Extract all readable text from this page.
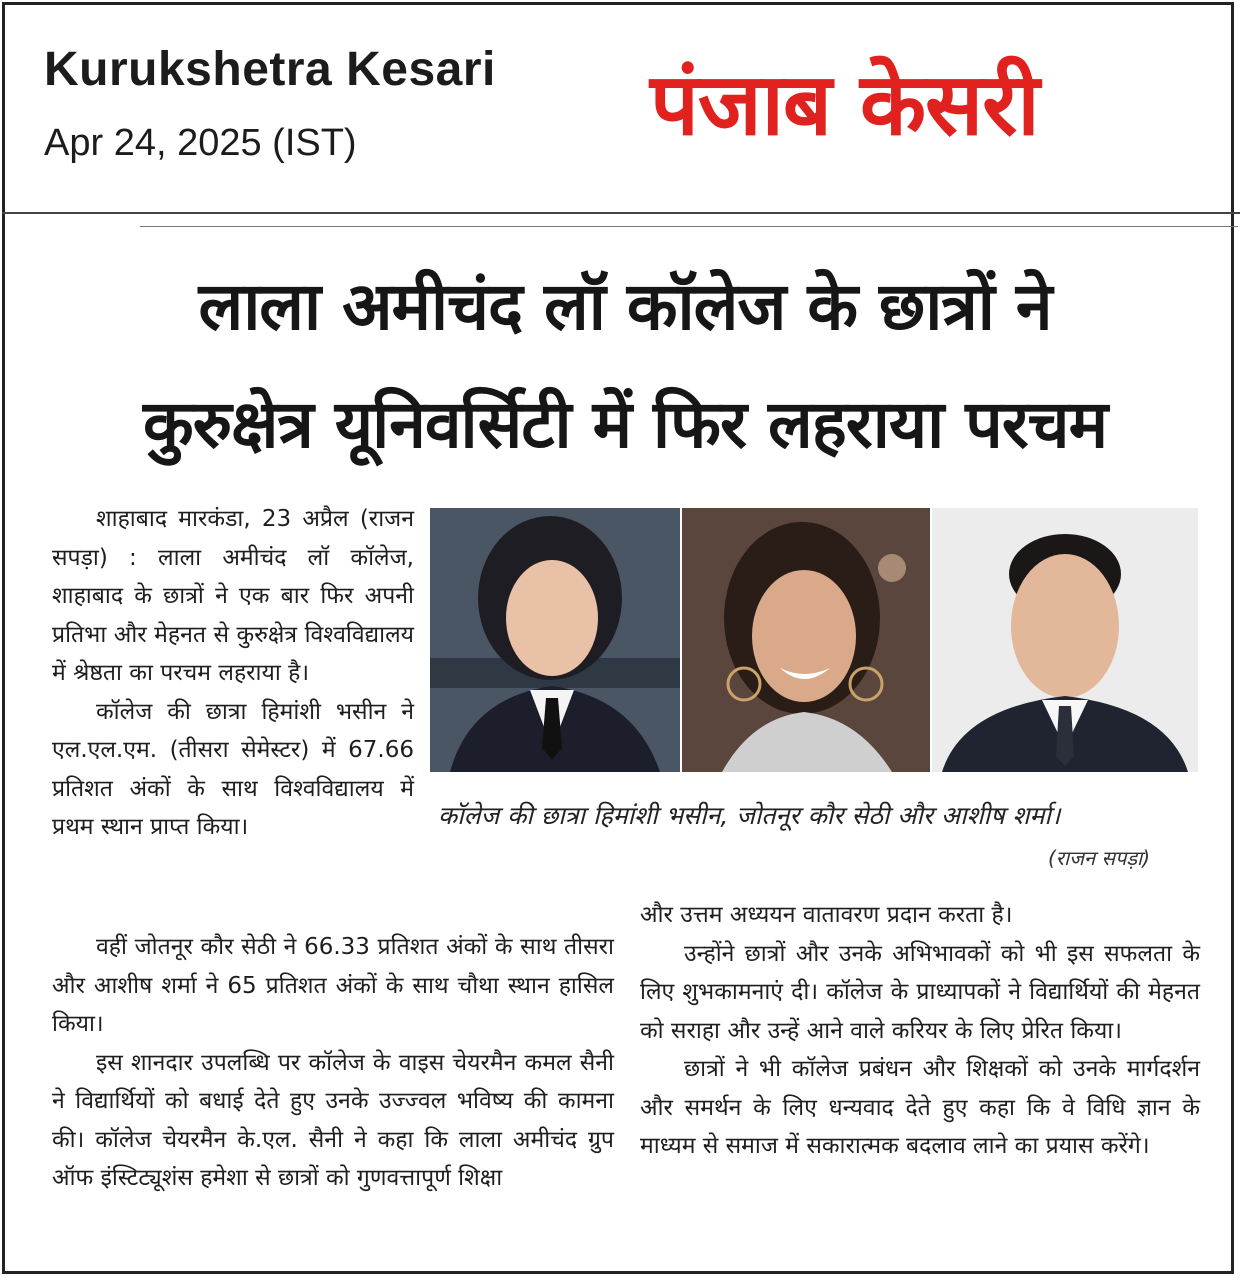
Kurukshetra Kesari
Apr 24, 2025 (IST)	पंजाब केसरी
लाला अमीचंद लॉ कॉलेज के छात्रों ने
कुरुक्षेत्र यूनिवर्सिटी में फिर लहराया परचम
कॉलेज की छात्रा हिमांशी भसीन, जोतनूर कौर सेठी और आशीष शर्मा।
(राजन सपड़ा)

शाहाबाद मारकंडा, 23 अप्रैल (राजन सपड़ा) : लाला अमीचंद लॉ कॉलेज, शाहाबाद के छात्रों ने एक बार फिर अपनी प्रतिभा और मेहनत से कुरुक्षेत्र विश्वविद्यालय में श्रेष्ठता का परचम लहराया है।

कॉलेज की छात्रा हिमांशी भसीन ने एल.एल.एम. (तीसरा सेमेस्टर) में 67.66 प्रतिशत अंकों के साथ विश्वविद्यालय में प्रथम स्थान प्राप्त किया।

वहीं जोतनूर कौर सेठी ने 66.33 प्रतिशत अंकों के साथ तीसरा और आशीष शर्मा ने 65 प्रतिशत अंकों के साथ चौथा स्थान हासिल किया।

इस शानदार उपलब्धि पर कॉलेज के वाइस चेयरमैन कमल सैनी ने विद्यार्थियों को बधाई देते हुए उनके उज्ज्वल भविष्य की कामना की। कॉलेज चेयरमैन के.एल. सैनी ने कहा कि लाला अमीचंद ग्रुप ऑफ इंस्टिट्यूशंस हमेशा से छात्रों को गुणवत्तापूर्ण शिक्षा

और उत्तम अध्ययन वातावरण प्रदान करता है।

उन्होंने छात्रों और उनके अभिभावकों को भी इस सफलता के लिए शुभकामनाएं दी। कॉलेज के प्राध्यापकों ने विद्यार्थियों की मेहनत को सराहा और उन्हें आने वाले करियर के लिए प्रेरित किया।

छात्रों ने भी कॉलेज प्रबंधन और शिक्षकों को उनके मार्गदर्शन और समर्थन के लिए धन्यवाद देते हुए कहा कि वे विधि ज्ञान के माध्यम से समाज में सकारात्मक बदलाव लाने का प्रयास करेंगे।
